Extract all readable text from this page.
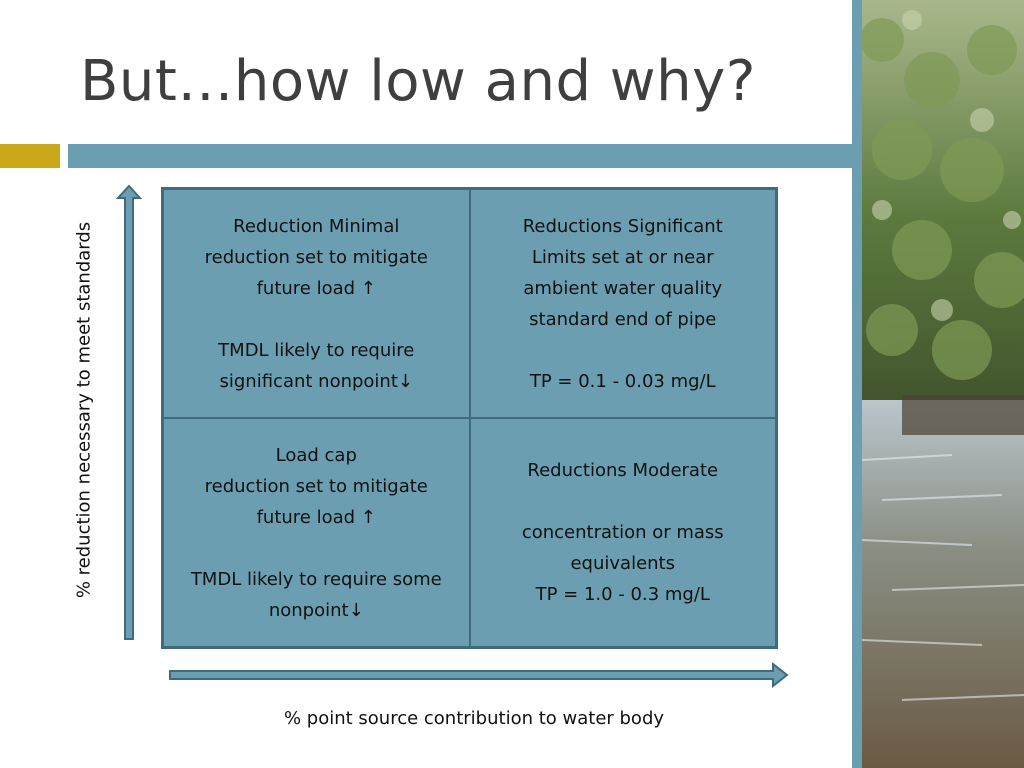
But…how low and why?
% reduction necessary to meet standards
% point source contribution to water body
Reduction Minimal
reduction set to mitigate
future load ↑
TMDL likely to require
significant nonpoint↓
Reductions Significant
Limits set at or near
ambient water quality
standard end of pipe
TP = 0.1 - 0.03 mg/L
Load cap
reduction set to mitigate
future load ↑
TMDL likely to require some
nonpoint↓
Reductions Moderate
concentration or mass
equivalents
TP = 1.0 - 0.3 mg/L
